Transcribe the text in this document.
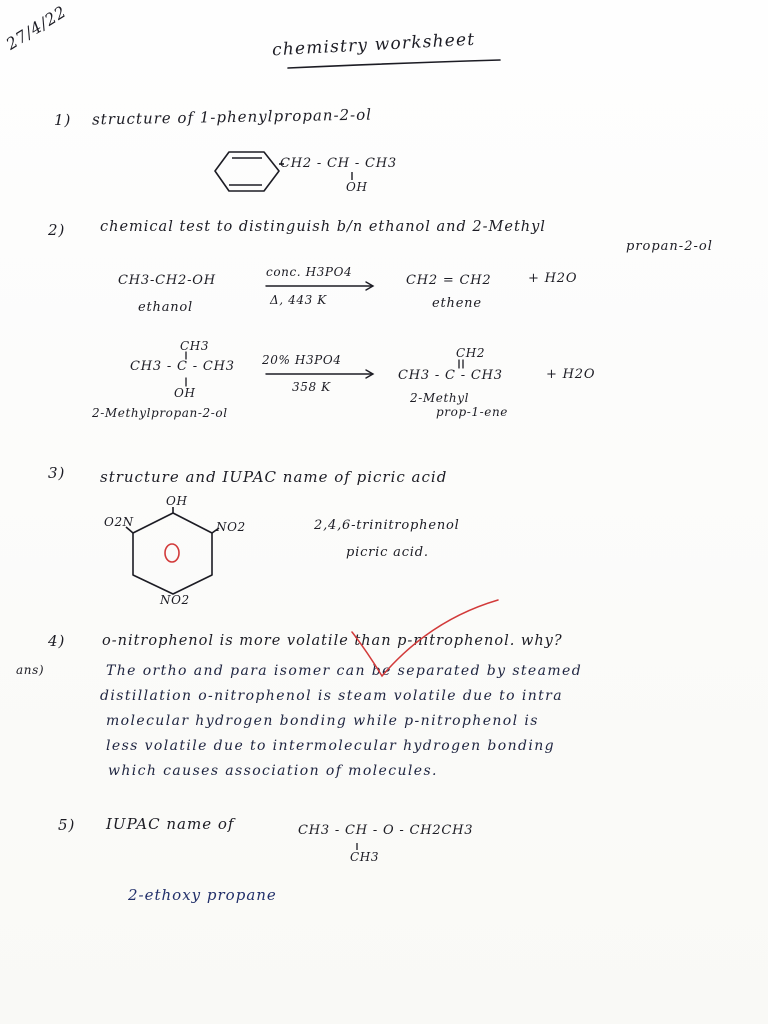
27/4/22	chemistry worksheet
1) structure of 1-phenylpropan-2-ol
CH2 - CH - CH3
OH
2) chemical test to distinguish b/n ethanol and 2-Methyl
propan-2-ol
CH3-CH2-OH
ethanol
conc. H3PO4
Δ, 443 K
CH2 = CH2	+ H2O
ethene
CH3
CH3 - C - CH3
OH
2-Methylpropan-2-ol
20% H3PO4
358 K
CH2
CH3 - C - CH3	+ H2O
2-Methyl
prop-1-ene
3) structure and IUPAC name of picric acid
OH
O2N	NO2
NO2
2,4,6-trinitrophenol
picric acid.
4)	o-nitrophenol is more volatile than p-nitrophenol. why?
ans)	The ortho and para isomer can be separated by steamed
distillation o-nitrophenol is steam volatile due to intra
molecular hydrogen bonding while p-nitrophenol is
less volatile due to intermolecular hydrogen bonding
which causes association of molecules.
5) IUPAC name of	CH3 - CH - O - CH2CH3
CH3
2-ethoxy propane
